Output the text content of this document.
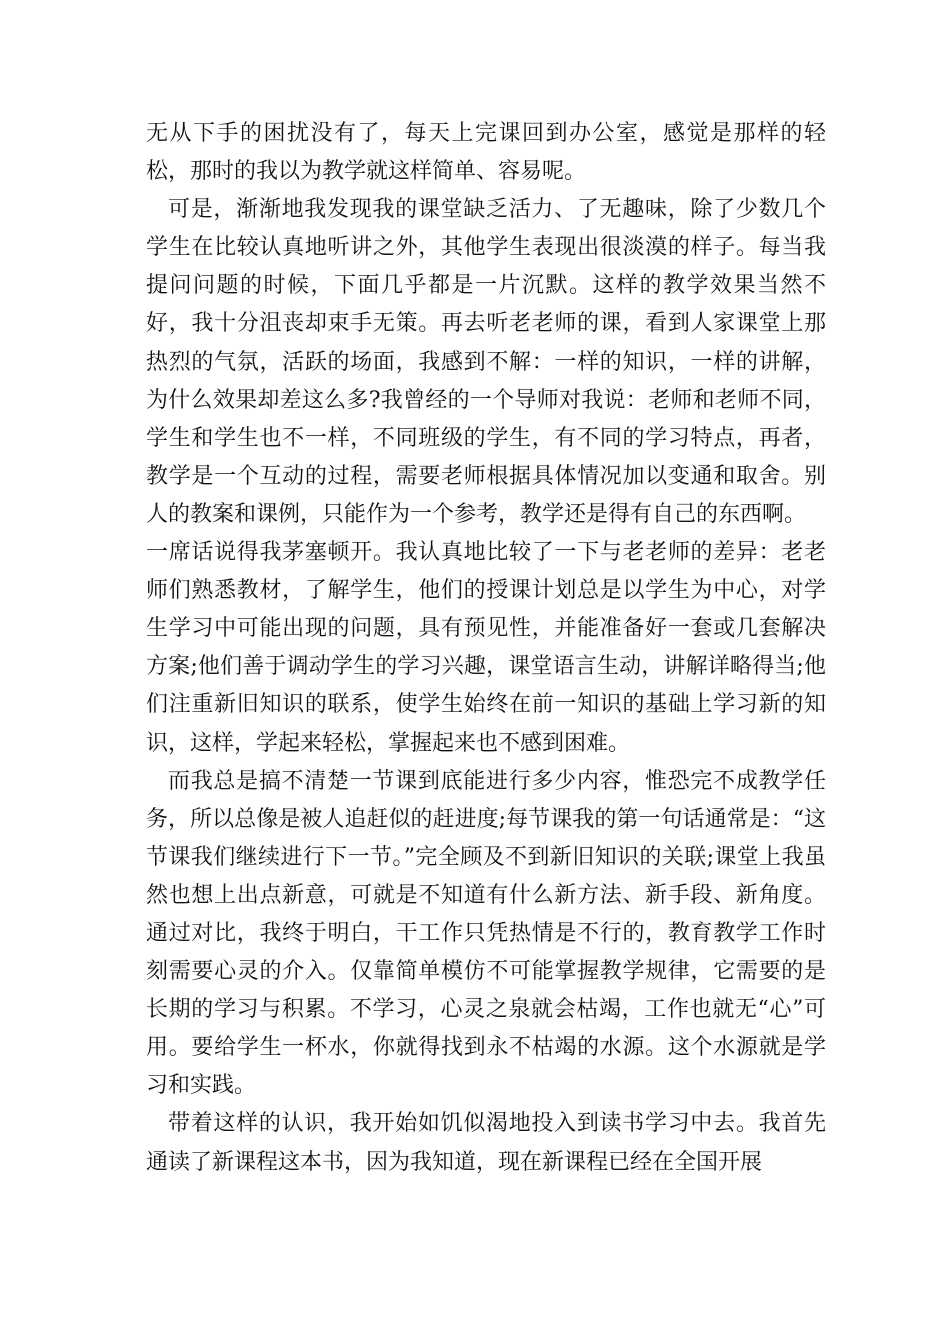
无从下手的困扰没有了，每天上完课回到办公室，感觉是那样的轻松，那时的我以为教学就这样简单、容易呢。

可是，渐渐地我发现我的课堂缺乏活力、了无趣味，除了少数几个学生在比较认真地听讲之外，其他学生表现出很淡漠的样子。每当我提问问题的时候，下面几乎都是一片沉默。这样的教学效果当然不好，我十分沮丧却束手无策。再去听老老师的课，看到人家课堂上那热烈的气氛，活跃的场面，我感到不解：一样的知识，一样的讲解，为什么效果却差这么多?我曾经的一个导师对我说：老师和老师不同，学生和学生也不一样，不同班级的学生，有不同的学习特点，再者，教学是一个互动的过程，需要老师根据具体情况加以变通和取舍。别人的教案和课例，只能作为一个参考，教学还是得有自己的东西啊。

一席话说得我茅塞顿开。我认真地比较了一下与老老师的差异：老老师们熟悉教材，了解学生，他们的授课计划总是以学生为中心，对学生学习中可能出现的问题，具有预见性，并能准备好一套或几套解决方案;他们善于调动学生的学习兴趣，课堂语言生动，讲解详略得当;他们注重新旧知识的联系，使学生始终在前一知识的基础上学习新的知识，这样，学起来轻松，掌握起来也不感到困难。

而我总是搞不清楚一节课到底能进行多少内容，惟恐完不成教学任务，所以总像是被人追赶似的赶进度;每节课我的第一句话通常是：“这节课我们继续进行下一节。”完全顾及不到新旧知识的关联;课堂上我虽然也想上出点新意，可就是不知道有什么新方法、新手段、新角度。通过对比，我终于明白，干工作只凭热情是不行的，教育教学工作时刻需要心灵的介入。仅靠简单模仿不可能掌握教学规律，它需要的是长期的学习与积累。不学习，心灵之泉就会枯竭，工作也就无“心”可用。要给学生一杯水，你就得找到永不枯竭的水源。这个水源就是学习和实践。

带着这样的认识，我开始如饥似渴地投入到读书学习中去。我首先通读了新课程这本书，因为我知道，现在新课程已经在全国开展
